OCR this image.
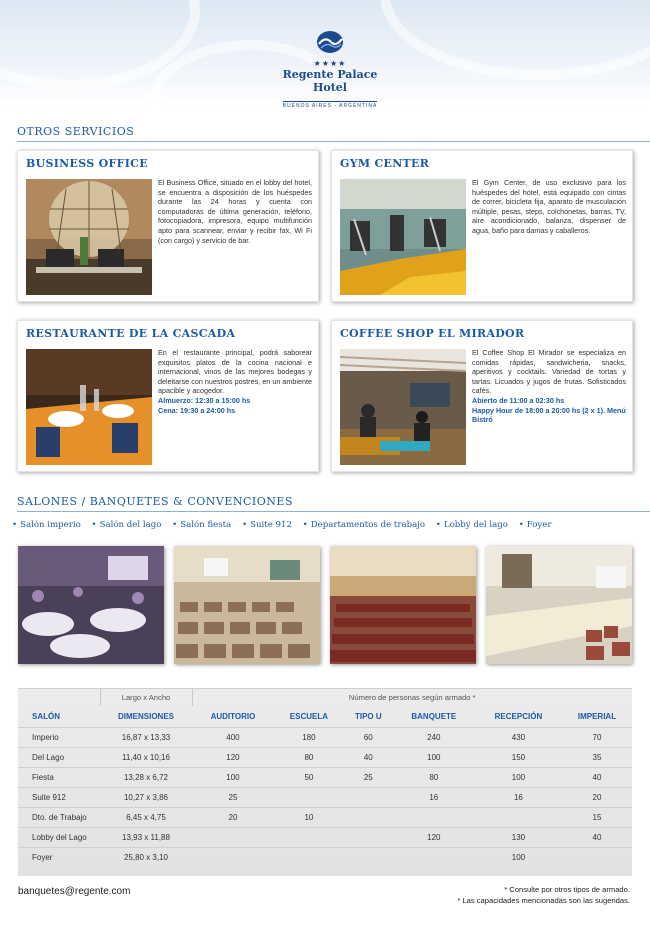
★★★★
Regente Palace Hotel
BUENOS AIRES · ARGENTINA
OTROS SERVICIOS
BUSINESS OFFICE
El Business Office, situado en el lobby del hotel, se encuentra a disposición de los huéspedes durante las 24 horas y cuenta con computadoras de última generación, teléfono, fotocopiadora, impresora, equipo multifunción apto para scannear, enviar y recibir fax, Wi Fi (con cargo) y servicio de bar.
GYM CENTER
El Gym Center, de uso exclusivo para los huéspedes del hotel, está equipado con cintas de correr, bicicleta fija, aparato de musculación múltiple, pesas, steps, colchonetas, barras, TV, aire acondicionado, balanza, dispenser de agua, baño para damas y caballeros.
RESTAURANTE DE LA CASCADA
En el restaurante principal, podrá saborear exquisitos platos de la cocina nacional e internacional, vinos de las mejores bodegas y deleitarse con nuestros postres, en un ambiente apacible y acogedor.
Almuerzo: 12:30 a 15:00 hs
Cena: 19:30 a 24:00 hs
COFFEE SHOP EL MIRADOR
El Coffee Shop El Mirador se especializa en comidas rápidas, sandwicheria, snacks, aperitivos y cocktails. Variedad de tortas y tartas. Licuados y jugos de frutas. Sofisticados cafés.
Abierto de 11:00 a 02:30 hs
Happy Hour de 18:00 a 20:00 hs (2 x 1). Menú Bistró
SALONES / BANQUETES & CONVENCIONES
• Salón imperio • Salón del lago • Salón fiesta • Suite 912 • Departamentos de trabajo • Lobby del lago • Foyer
	Largo x Ancho	Número de personas según armado *					
SALÓN	DIMENSIONES	AUDITORIO	ESCUELA	TIPO U	BANQUETE	RECEPCIÓN	IMPERIAL
Imperio	16,87 x 13,33	400	180	60	240	430	70
Del Lago	11,40 x 10,16	120	80	40	100	150	35
Fiesta	13,28 x 6,72	100	50	25	80	100	40
Suite 912	10,27 x 3,86	25			16	16	20
Dto. de Trabajo	6,45 x 4,75	20	10				15
Lobby del Lago	13,93 x 11,88				120	130	40
Foyer	25,80 x 3,10					100	
banquetes@regente.com	* Consulte por otros tipos de armado.
* Las capacidades mencionadas son las sugeridas.
